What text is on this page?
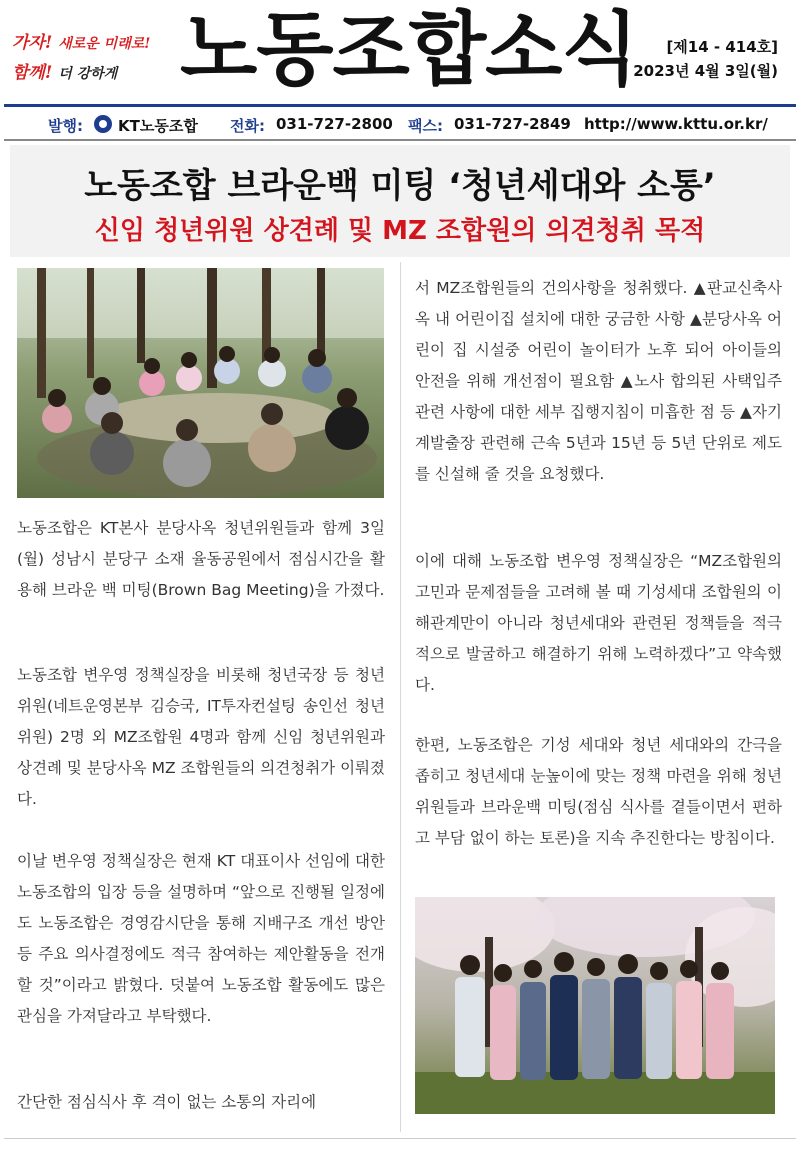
가자! 새로운 미래로!
함께! 더 강하게 노동조합소식 [제14 - 414호]
2023년 4월 3일(월)
발행: KT노동조합 전화: 031-727-2800 팩스: 031-727-2849 http://www.kttu.or.kr/
노동조합 브라운백 미팅 ‘청년세대와 소통’
신임 청년위원 상견례 및 MZ 조합원의 의견청취 목적
노동조합은 KT본사 분당사옥 청년위원들과 함께 3일(월) 성남시 분당구 소재 율동공원에서 점심시간을 활용해 브라운 백 미팅(Brown Bag Meeting)을 가졌다.
노동조합 변우영 정책실장을 비롯해 청년국장 등 청년위원(네트운영본부 김승국, IT투자컨설팅 송인선 청년위원) 2명 외 MZ조합원 4명과 함께 신임 청년위원과 상견례 및 분당사옥 MZ 조합원들의 의견청취가 이뤄졌다.
이날 변우영 정책실장은 현재 KT 대표이사 선임에 대한 노동조합의 입장 등을 설명하며 “앞으로 진행될 일정에도 노동조합은 경영감시단을 통해 지배구조 개선 방안 등 주요 의사결정에도 적극 참여하는 제안활동을 전개할 것”이라고 밝혔다. 덧붙여 노동조합 활동에도 많은 관심을 가져달라고 부탁했다.
간단한 점심식사 후 격이 없는 소통의 자리에
서 MZ조합원들의 건의사항을 청취했다. ▲판교신축사옥 내 어린이집 설치에 대한 궁금한 사항 ▲분당사옥 어린이 집 시설중 어린이 놀이터가 노후 되어 아이들의 안전을 위해 개선점이 필요함 ▲노사 합의된 사택입주 관련 사항에 대한 세부 집행지침이 미흡한 점 등 ▲자기계발출장 관련해 근속 5년과 15년 등 5년 단위로 제도를 신설해 줄 것을 요청했다.
이에 대해 노동조합 변우영 정책실장은 “MZ조합원의 고민과 문제점들을 고려해 볼 때 기성세대 조합원의 이해관계만이 아니라 청년세대와 관련된 정책들을 적극적으로 발굴하고 해결하기 위해 노력하겠다”고 약속했다.
한편, 노동조합은 기성 세대와 청년 세대와의 간극을 좁히고 청년세대 눈높이에 맞는 정책 마련을 위해 청년위원들과 브라운백 미팅(점심 식사를 곁들이면서 편하고 부담 없이 하는 토론)을 지속 추진한다는 방침이다.
